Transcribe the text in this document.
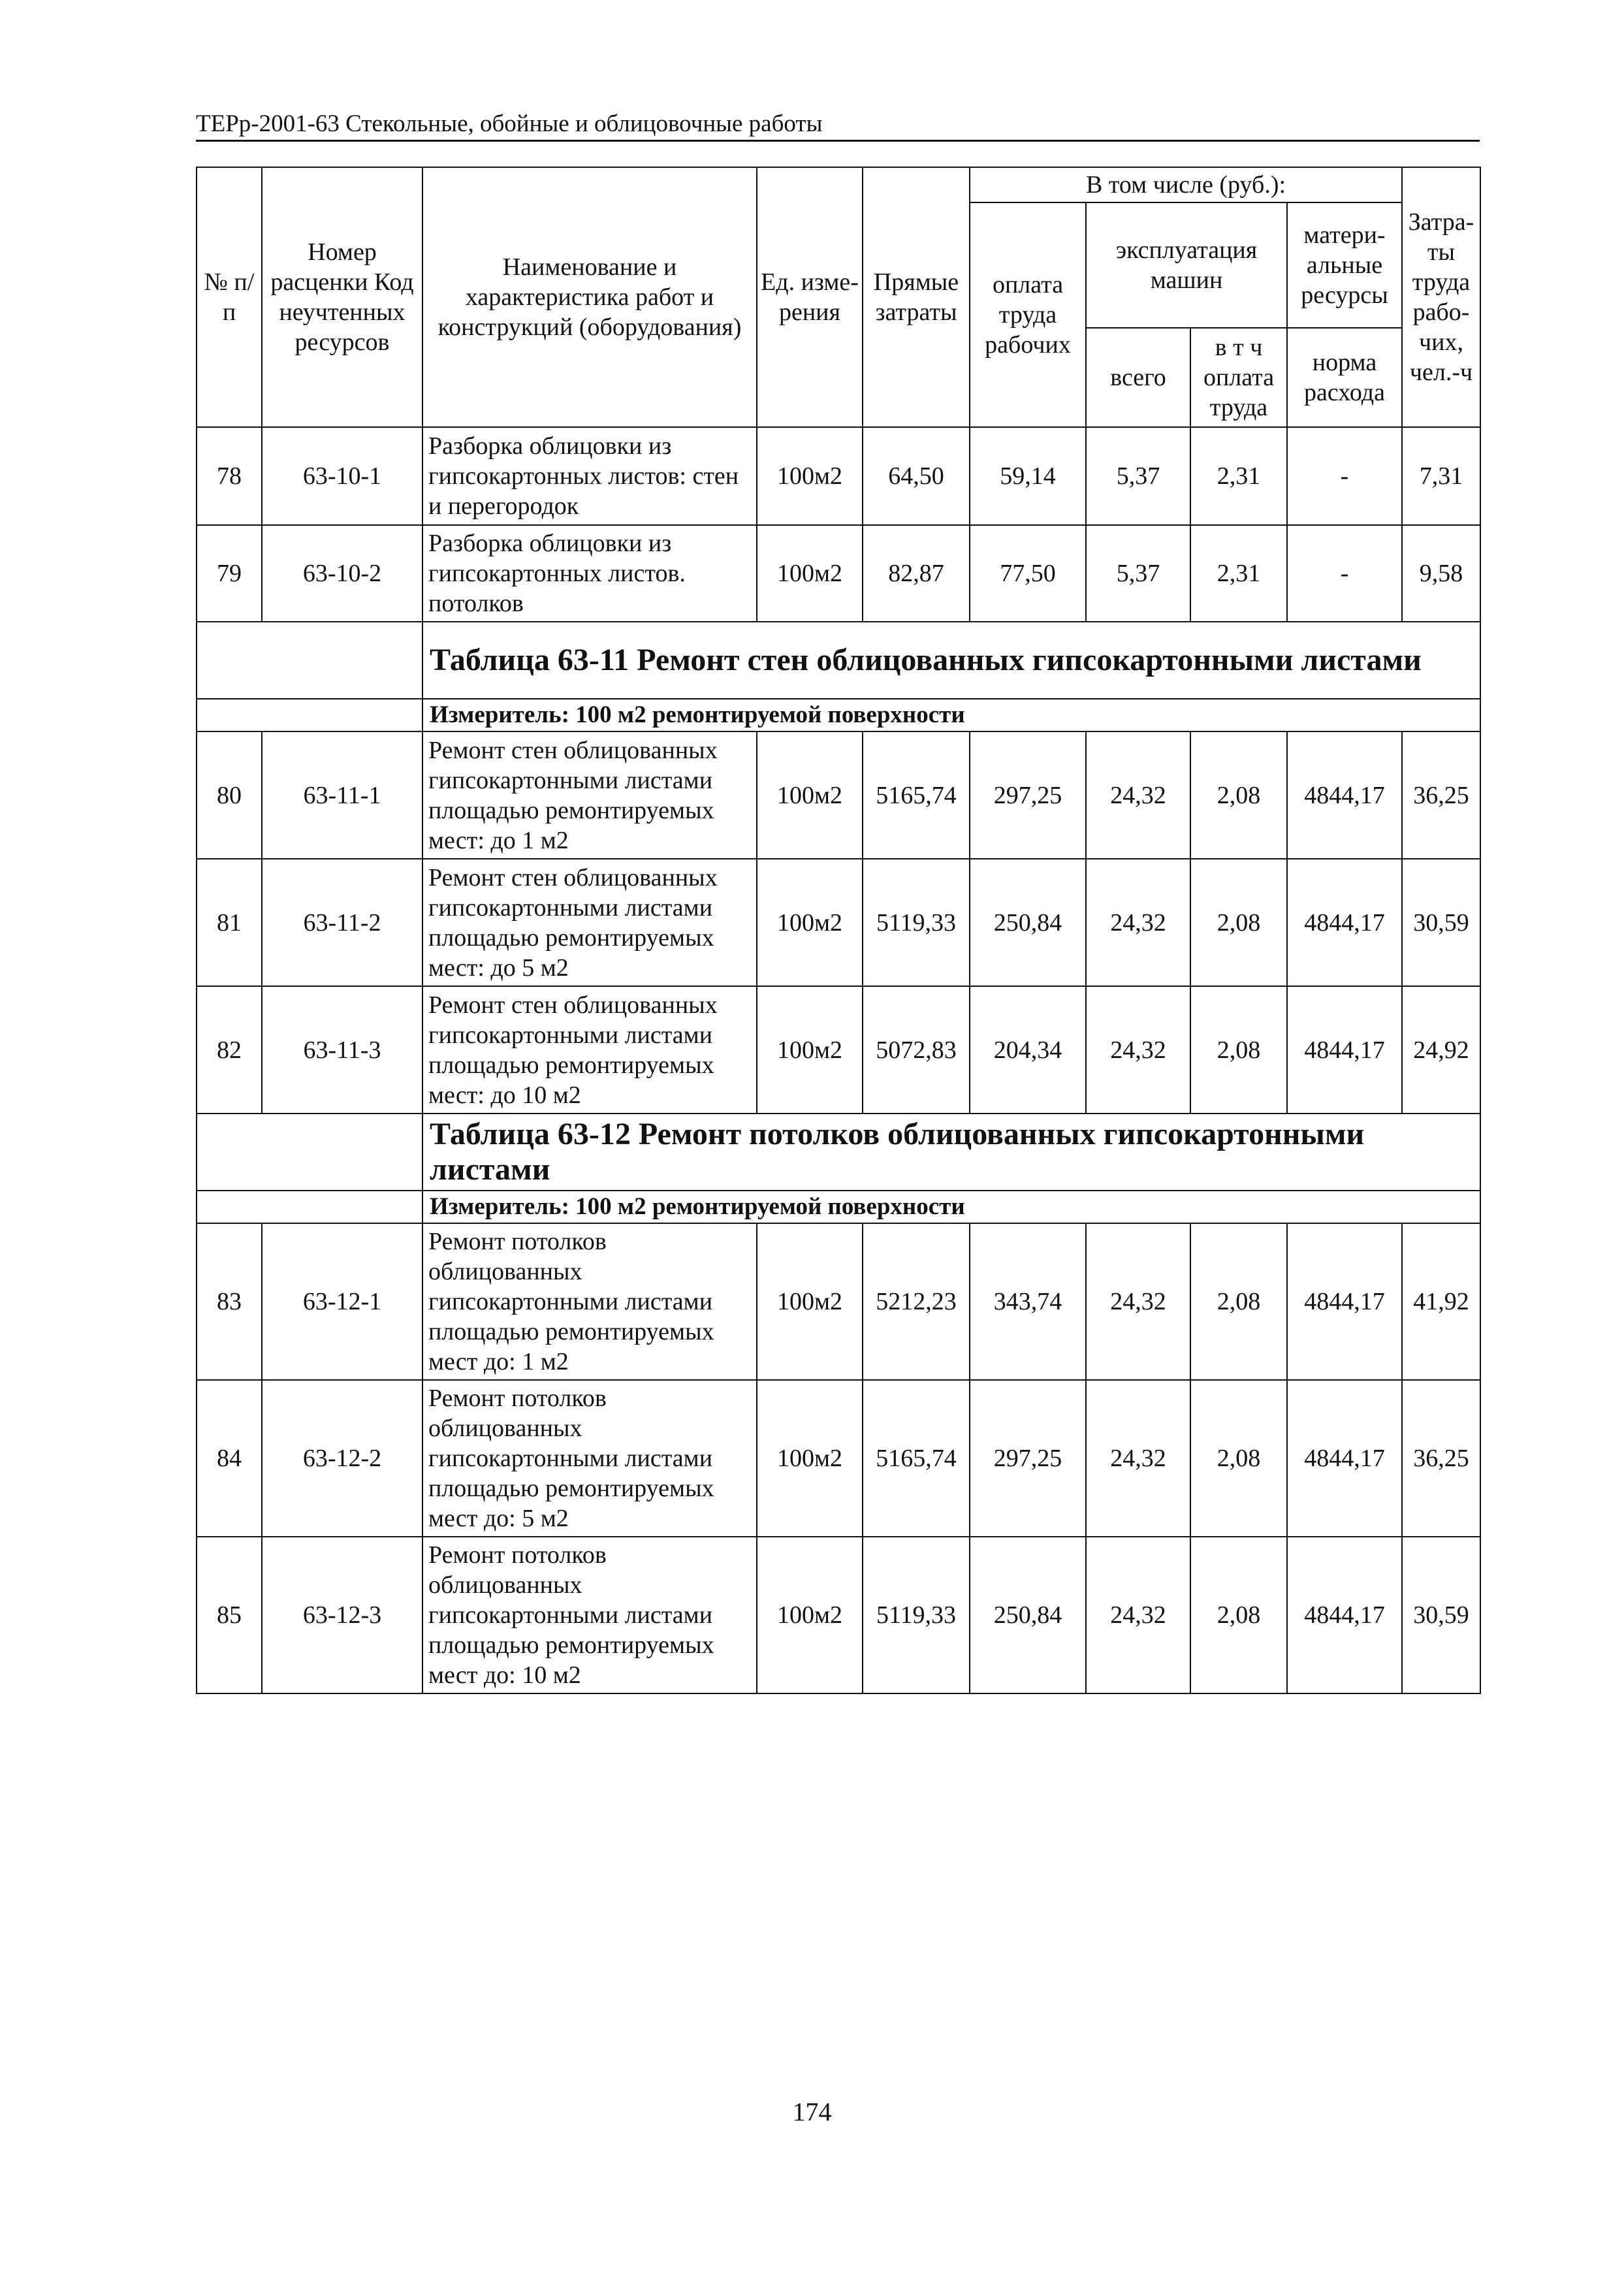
ТЕРр-2001-63 Стекольные, обойные и облицовочные работы
№ п/п	Номер расценки Код неучтенных ресурсов	Наименование и характеристика работ и конструкций (оборудования)	Ед. изме-рения	Прямые затраты	В том числе (руб.):				Затра-ты труда рабо-чих, чел.-ч
					оплата труда рабочих	эксплуатация машин		матери-альные ресурсы	
						всего	в т ч оплата труда	норма расхода	
78	63-10-1	Разборка облицовки из гипсокартонных листов: стен и перегородок	100м2	64,50	59,14	5,37	2,31	-	7,31
79	63-10-2	Разборка облицовки из гипсокартонных листов. потолков	100м2	82,87	77,50	5,37	2,31	-	9,58
		Таблица 63-11 Ремонт стен облицованных гипсокартонными листами							
		Измеритель: 100 м2 ремонтируемой поверхности							
80	63-11-1	Ремонт стен облицованных гипсокартонными листами площадью ремонтируемых мест: до 1 м2	100м2	5165,74	297,25	24,32	2,08	4844,17	36,25
81	63-11-2	Ремонт стен облицованных гипсокартонными листами площадью ремонтируемых мест: до 5 м2	100м2	5119,33	250,84	24,32	2,08	4844,17	30,59
82	63-11-3	Ремонт стен облицованных гипсокартонными листами площадью ремонтируемых мест: до 10 м2	100м2	5072,83	204,34	24,32	2,08	4844,17	24,92
		Таблица 63-12 Ремонт потолков облицованных гипсокартонными листами							
		Измеритель: 100 м2 ремонтируемой поверхности							
83	63-12-1	Ремонт потолков облицованных гипсокартонными листами площадью ремонтируемых мест до: 1 м2	100м2	5212,23	343,74	24,32	2,08	4844,17	41,92
84	63-12-2	Ремонт потолков облицованных гипсокартонными листами площадью ремонтируемых мест до: 5 м2	100м2	5165,74	297,25	24,32	2,08	4844,17	36,25
85	63-12-3	Ремонт потолков облицованных гипсокартонными листами площадью ремонтируемых мест до: 10 м2	100м2	5119,33	250,84	24,32	2,08	4844,17	30,59
174
